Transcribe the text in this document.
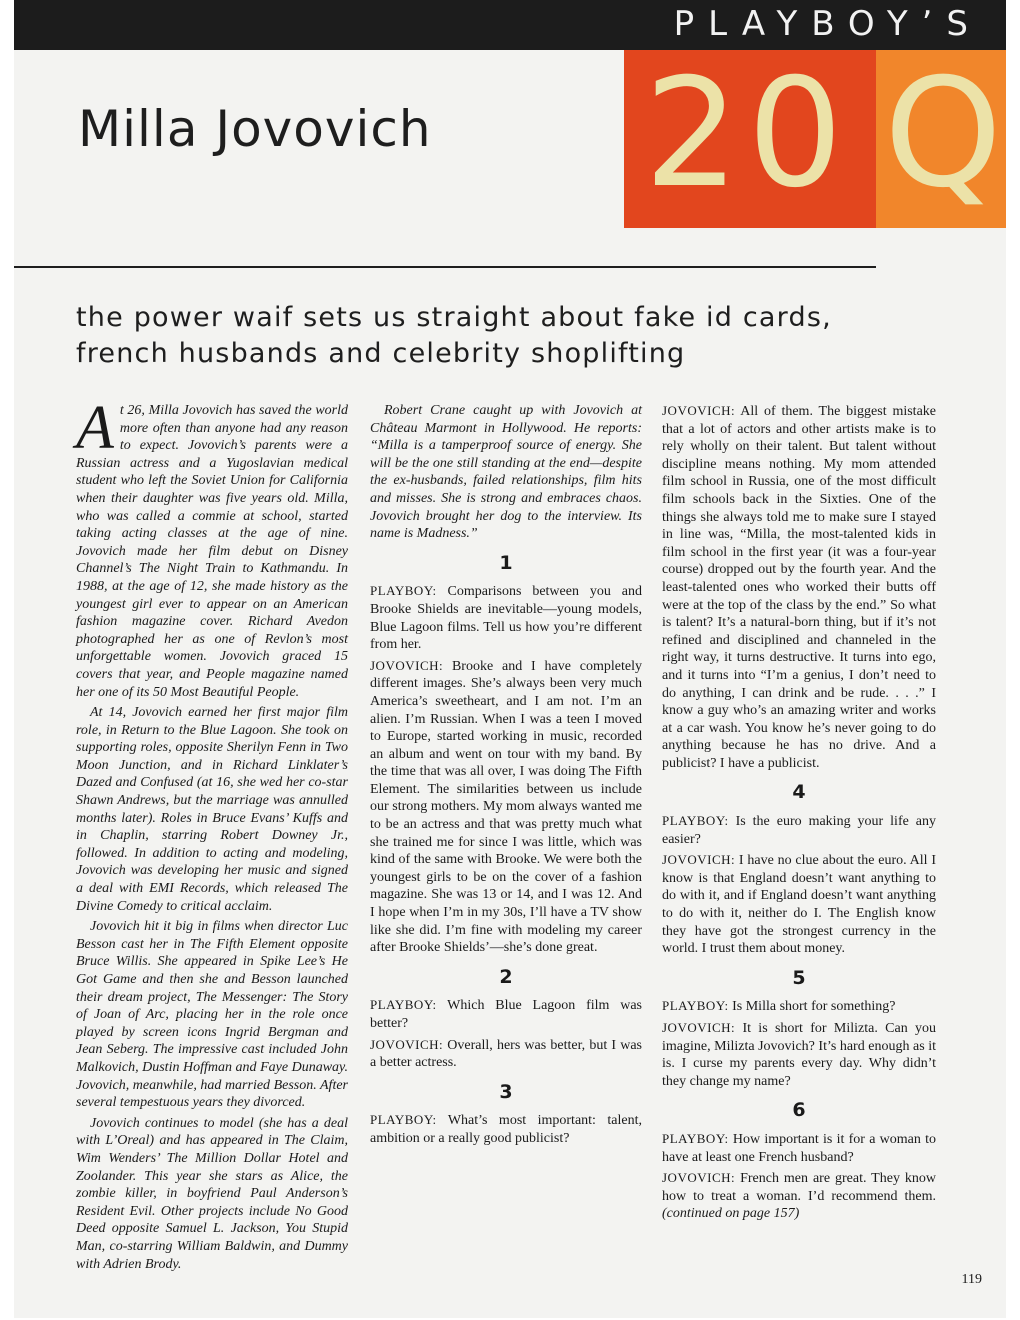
PLAYBOY’S
20 Q
Milla Jovovich
the power waif sets us straight about fake id cards,
french husbands and celebrity shoplifting

At 26, Milla Jovovich has saved the world more often than anyone had any reason to expect. Jovovich’s parents were a Russian actress and a Yugoslavian medical student who left the Soviet Union for California when their daughter was five years old. Milla, who was called a commie at school, started taking acting classes at the age of nine. Jovovich made her film debut on Disney Channel’s The Night Train to Kathmandu. In 1988, at the age of 12, she made history as the youngest girl ever to appear on an American fashion magazine cover. Richard Avedon photographed her as one of Revlon’s most unforgettable women. Jovovich graced 15 covers that year, and People magazine named her one of its 50 Most Beautiful People.

At 14, Jovovich earned her first major film role, in Return to the Blue Lagoon. She took on supporting roles, opposite Sherilyn Fenn in Two Moon Junction, and in Richard Linklater’s Dazed and Confused (at 16, she wed her co-star Shawn Andrews, but the marriage was annulled months later). Roles in Bruce Evans’ Kuffs and in Chaplin, starring Robert Downey Jr., followed. In addition to acting and modeling, Jovovich was developing her music and signed a deal with EMI Records, which released The Divine Comedy to critical acclaim.

Jovovich hit it big in films when director Luc Besson cast her in The Fifth Element opposite Bruce Willis. She appeared in Spike Lee’s He Got Game and then she and Besson launched their dream project, The Messenger: The Story of Joan of Arc, placing her in the role once played by screen icons Ingrid Bergman and Jean Seberg. The impressive cast included John Malkovich, Dustin Hoffman and Faye Dunaway. Jovovich, meanwhile, had married Besson. After several tempestuous years they divorced.

Jovovich continues to model (she has a deal with L’Oreal) and has appeared in The Claim, Wim Wenders’ The Million Dollar Hotel and Zoolander. This year she stars as Alice, the zombie killer, in boyfriend Paul Anderson’s Resident Evil. Other projects include No Good Deed opposite Samuel L. Jackson, You Stupid Man, co-starring William Baldwin, and Dummy with Adrien Brody.

Robert Crane caught up with Jovovich at Château Marmont in Hollywood. He reports: “Milla is a tamperproof source of energy. She will be the one still standing at the end—despite the ex-husbands, failed relationships, film hits and misses. She is strong and embraces chaos. Jovovich brought her dog to the interview. Its name is Madness.”

1

PLAYBOY: Comparisons between you and Brooke Shields are inevitable—young models, Blue Lagoon films. Tell us how you’re different from her.

JOVOVICH: Brooke and I have completely different images. She’s always been very much America’s sweetheart, and I am not. I’m an alien. I’m Russian. When I was a teen I moved to Europe, started working in music, recorded an album and went on tour with my band. By the time that was all over, I was doing The Fifth Element. The similarities between us include our strong mothers. My mom always wanted me to be an actress and that was pretty much what she trained me for since I was little, which was kind of the same with Brooke. We were both the youngest girls to be on the cover of a fashion magazine. She was 13 or 14, and I was 12. And I hope when I’m in my 30s, I’ll have a TV show like she did. I’m fine with modeling my career after Brooke Shields’—she’s done great.

2

PLAYBOY: Which Blue Lagoon film was better?

JOVOVICH: Overall, hers was better, but I was a better actress.

3

PLAYBOY: What’s most important: talent, ambition or a really good publicist?

JOVOVICH: All of them. The biggest mistake that a lot of actors and other artists make is to rely wholly on their talent. But talent without discipline means nothing. My mom attended film school in Russia, one of the most difficult film schools back in the Sixties. One of the things she always told me to make sure I stayed in line was, “Milla, the most-talented kids in film school in the first year (it was a four-year course) dropped out by the fourth year. And the least-talented ones who worked their butts off were at the top of the class by the end.” So what is talent? It’s a natural-born thing, but if it’s not refined and disciplined and channeled in the right way, it turns destructive. It turns into ego, and it turns into “I’m a genius, I don’t need to do anything, I can drink and be rude. . . .” I know a guy who’s an amazing writer and works at a car wash. You know he’s never going to do anything because he has no drive. And a publicist? I have a publicist.

4

PLAYBOY: Is the euro making your life any easier?

JOVOVICH: I have no clue about the euro. All I know is that England doesn’t want anything to do with it, and if England doesn’t want anything to do with it, neither do I. The English know they have got the strongest currency in the world. I trust them about money.

5

PLAYBOY: Is Milla short for something?

JOVOVICH: It is short for Milizta. Can you imagine, Milizta Jovovich? It’s hard enough as it is. I curse my parents every day. Why didn’t they change my name?

6

PLAYBOY: How important is it for a woman to have at least one French husband?

JOVOVICH: French men are great. They know how to treat a woman. I’d recommend them. (continued on page 157)

119
